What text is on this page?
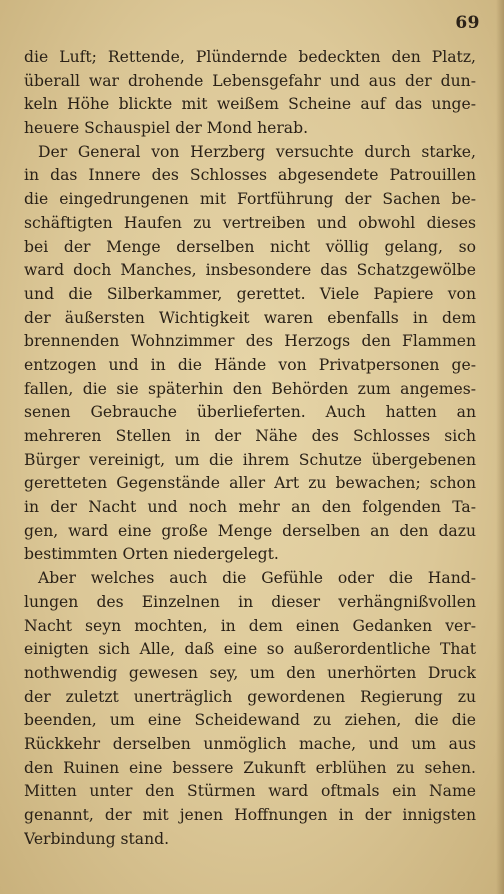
69
die Luft; Rettende, Plündernde bedeckten den Platz,
überall war drohende Lebensgefahr und aus der dun-
keln Höhe blickte mit weißem Scheine auf das unge-
heuere Schauspiel der Mond herab.
Der General von Herzberg versuchte durch starke,
in das Innere des Schlosses abgesendete Patrouillen
die eingedrungenen mit Fortführung der Sachen be-
schäftigten Haufen zu vertreiben und obwohl dieses
bei der Menge derselben nicht völlig gelang, so
ward doch Manches, insbesondere das Schatzgewölbe
und die Silberkammer, gerettet. Viele Papiere von
der äußersten Wichtigkeit waren ebenfalls in dem
brennenden Wohnzimmer des Herzogs den Flammen
entzogen und in die Hände von Privatpersonen ge-
fallen, die sie späterhin den Behörden zum angemes-
senen Gebrauche überlieferten. Auch hatten an
mehreren Stellen in der Nähe des Schlosses sich
Bürger vereinigt, um die ihrem Schutze übergebenen
geretteten Gegenstände aller Art zu bewachen; schon
in der Nacht und noch mehr an den folgenden Ta-
gen, ward eine große Menge derselben an den dazu
bestimmten Orten niedergelegt.
Aber welches auch die Gefühle oder die Hand-
lungen des Einzelnen in dieser verhängnißvollen
Nacht seyn mochten, in dem einen Gedanken ver-
einigten sich Alle, daß eine so außerordentliche That
nothwendig gewesen sey, um den unerhörten Druck
der zuletzt unerträglich gewordenen Regierung zu
beenden, um eine Scheidewand zu ziehen, die die
Rückkehr derselben unmöglich mache, und um aus
den Ruinen eine bessere Zukunft erblühen zu sehen.
Mitten unter den Stürmen ward oftmals ein Name
genannt, der mit jenen Hoffnungen in der innigsten
Verbindung stand.
